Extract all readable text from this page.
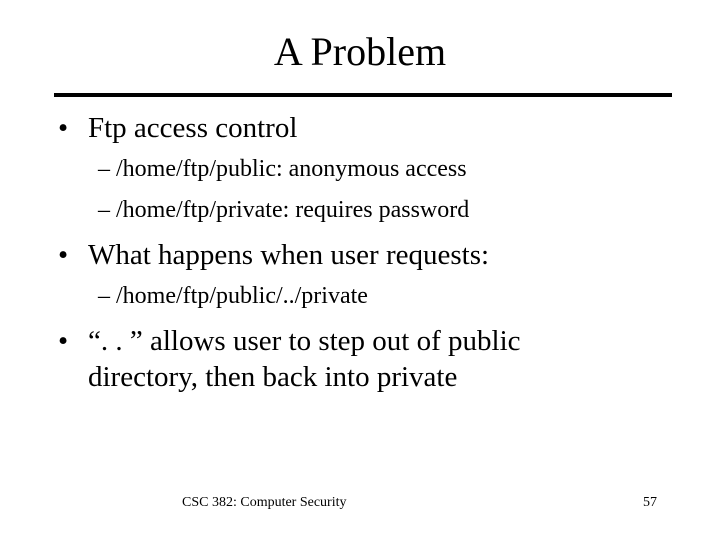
A Problem
• Ftp access control
– /home/ftp/public: anonymous access
– /home/ftp/private: requires password
• What happens when user requests:
– /home/ftp/public/../private
• “. . ” allows user to step out of public
directory, then back into private
CSC 382: Computer Security	57
